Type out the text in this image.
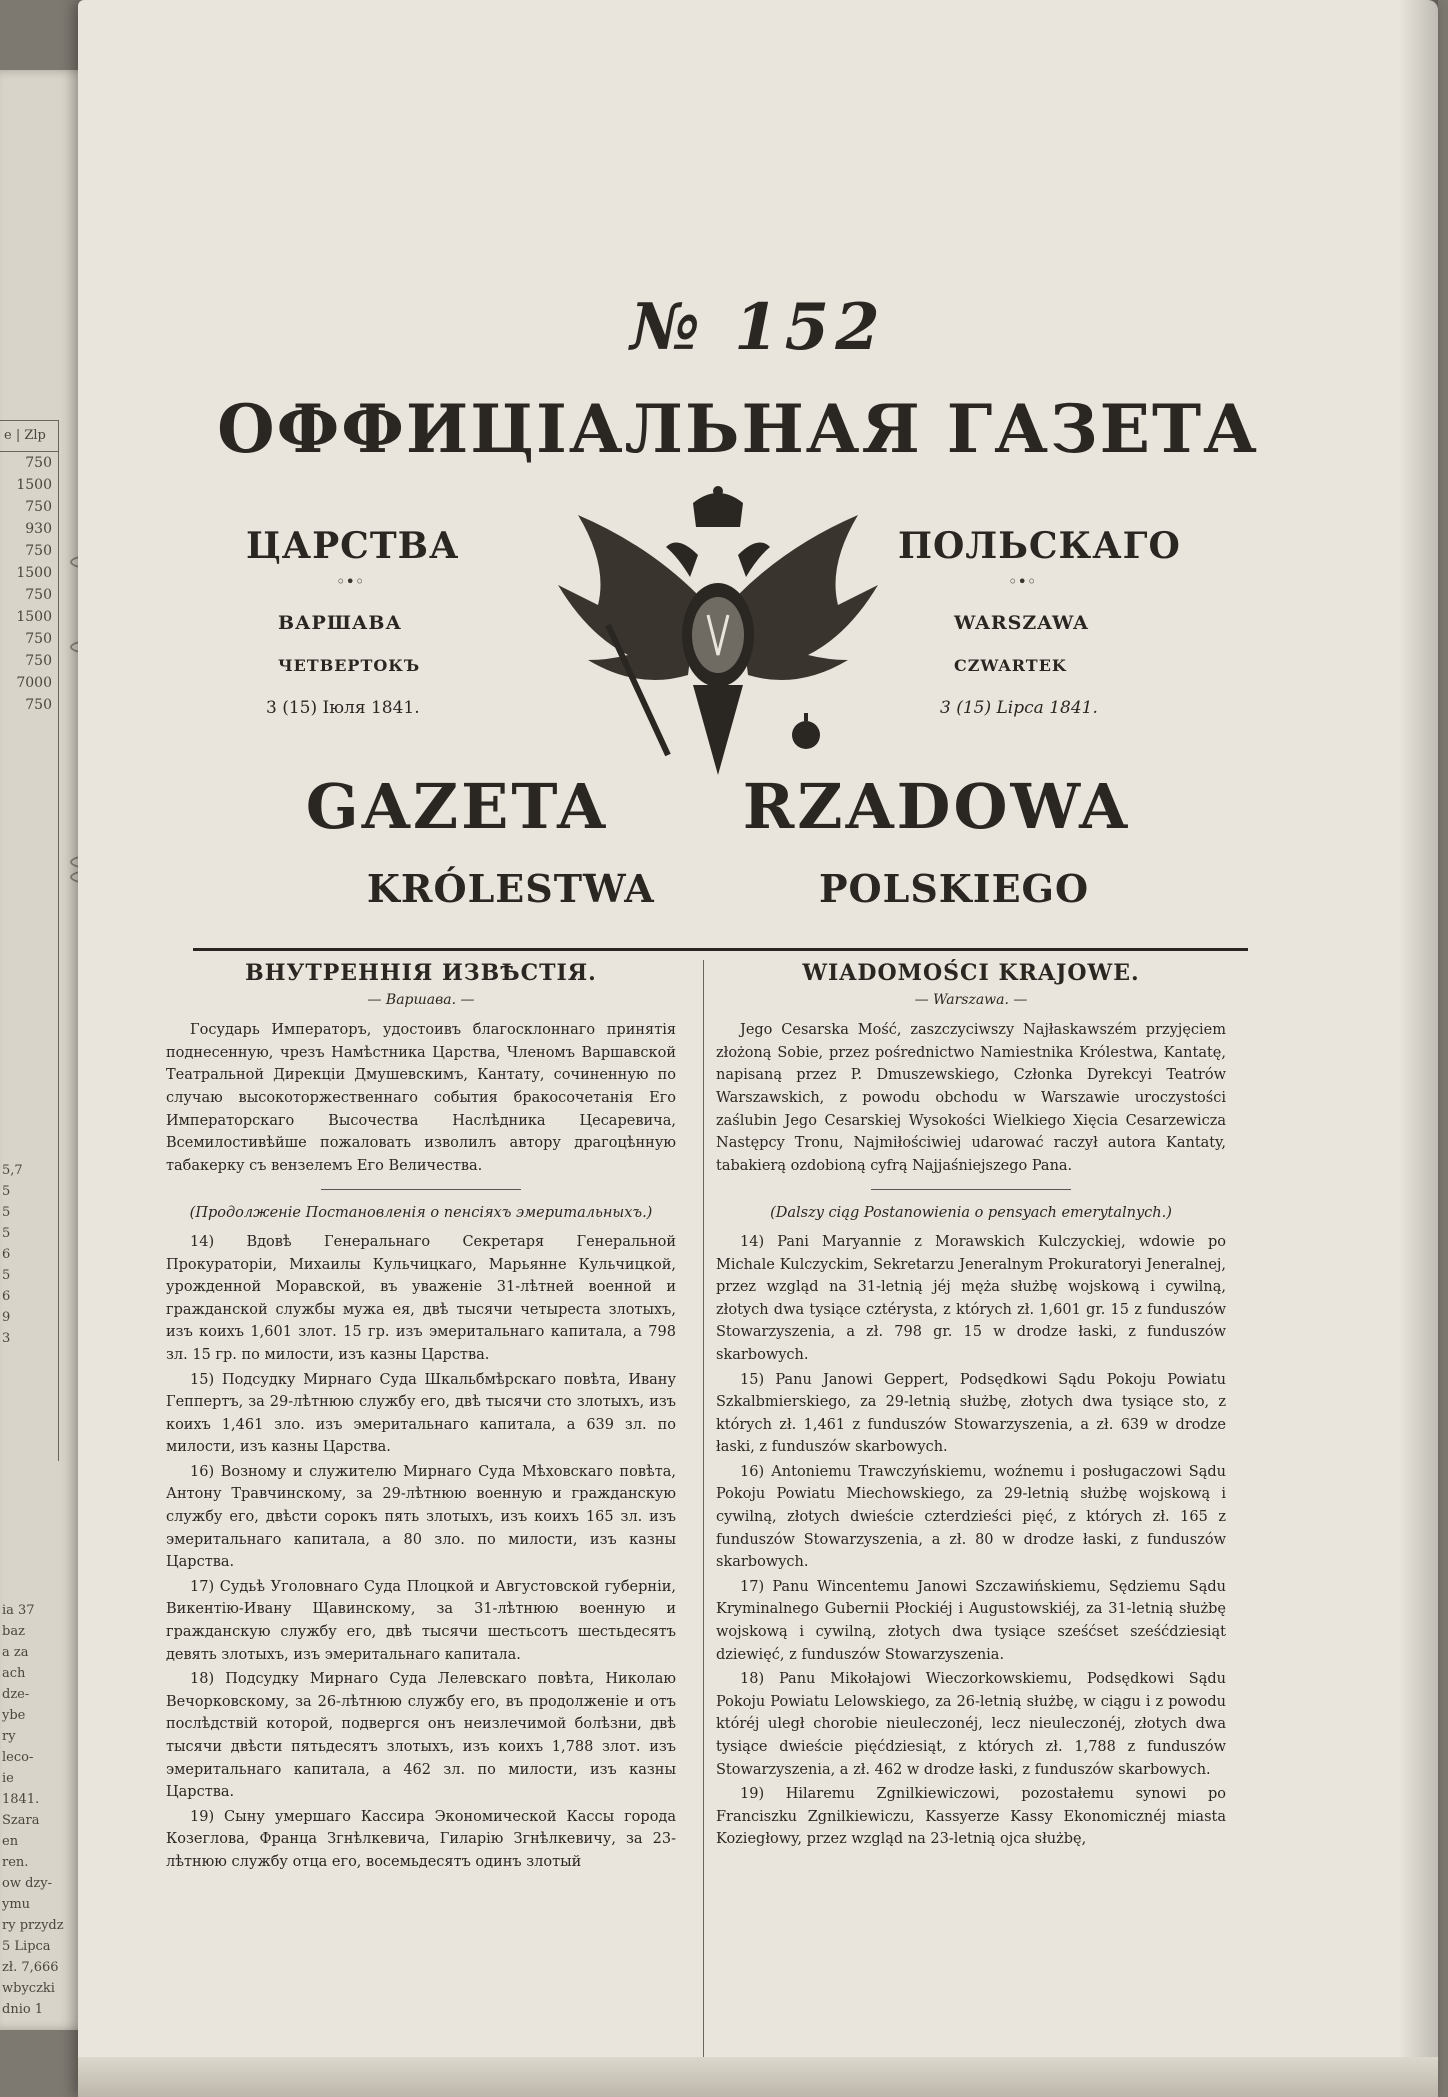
e | Zlp
750
1500
750
930
750
1500
750
1500
750
750
7000
750
5,7
5
5
5
6
5
6
9
3
ia 37
baz
a za
ach
dze-
ybe
ry
leco-
ie
1841.
Szara
en
ren.
ow dzy-
ymu
ry przydz
5 Lipca
zł. 7,666
wbyczki
dnio 1
№ 152
ОФФИЦIАЛЬНАЯ ГАЗЕТА
ЦАРСТВА
◦•◦
ВАРШАВА
ЧЕТВЕРТОКЪ
3 (15) Іюля 1841.
ПОЛЬСКАГО
◦•◦
WARSZAWA
CZWARTEK
3 (15) Lipca 1841.
GAZETA RZADOWA
KRÓLESTWA POLSKIEGO

ВНУТРЕННІЯ ИЗВѢСТІЯ.

— Варшава. —

Государь Императоръ, удостоивъ благосклоннаго принятія поднесенную, чрезъ Намѣстника Царства, Членомъ Варшавской Театральной Дирекціи Дмушевскимъ, Кантату, сочиненную по случаю высокоторжественнаго события бракосочетанія Его Императорскаго Высочества Наслѣдника Цесаревича, Всемилостивѣйше пожаловать изволилъ автору драгоцѣнную табакерку съ вензелемъ Его Величества.

(Продолженіе Постановленія о пенсіяхъ эмеритальныхъ.)

14) Вдовѣ Генеральнаго Секретаря Генеральной Прокураторіи, Михаилы Кульчицкаго, Марьянне Кульчицкой, урожденной Моравской, въ уваженіе 31-лѣтней военной и гражданской службы мужа ея, двѣ тысячи четыреста злотыхъ, изъ коихъ 1,601 злот. 15 гр. изъ эмеритальнаго капитала, а 798 зл. 15 гр. по милости, изъ казны Царства.

15) Подсудку Мирнаго Суда Шкальбмѣрскаго повѣта, Ивану Геппертъ, за 29-лѣтнюю службу его, двѣ тысячи сто злотыхъ, изъ коихъ 1,461 зло. изъ эмеритальнаго капитала, а 639 зл. по милости, изъ казны Царства.

16) Возному и служителю Мирнаго Суда Мѣховскаго повѣта, Антону Травчинскому, за 29-лѣтнюю военную и гражданскую службу его, двѣсти сорокъ пять злотыхъ, изъ коихъ 165 зл. изъ эмеритальнаго капитала, а 80 зло. по милости, изъ казны Царства.

17) Судьѣ Уголовнаго Суда Плоцкой и Августовской губерніи, Викентію-Ивану Щавинскому, за 31-лѣтнюю военную и гражданскую службу его, двѣ тысячи шестьсотъ шестьдесятъ девять злотыхъ, изъ эмеритальнаго капитала.

18) Подсудку Мирнаго Суда Лелевскаго повѣта, Николаю Вечорковскому, за 26-лѣтнюю службу его, въ продолженіе и отъ послѣдствій которой, подвергся онъ неизлечимой болѣзни, двѣ тысячи двѣсти пятьдесятъ злотыхъ, изъ коихъ 1,788 злот. изъ эмеритальнаго капитала, а 462 зл. по милости, изъ казны Царства.

19) Сыну умершаго Кассира Экономической Кассы города Козеглова, Франца Згнѣлкевича, Гиларію Згнѣлкевичу, за 23-лѣтнюю службу отца его, восемьдесятъ одинъ злотый

WIADOMOŚCI KRAJOWE.

— Warszawa. —

Jego Cesarska Mość, zaszczyciwszy Najłaskawszém przyjęciem złożoną Sobie, przez pośrednictwo Namiestnika Królestwa, Kantatę, napisaną przez P. Dmuszewskiego, Członka Dyrekcyi Teatrów Warszawskich, z powodu obchodu w Warszawie uroczystości zaślubin Jego Cesarskiej Wysokości Wielkiego Xięcia Cesarzewicza Następcy Tronu, Najmiłościwiej udarować raczył autora Kantaty, tabakierą ozdobioną cyfrą Najjaśniejszego Pana.

(Dalszy ciąg Postanowienia o pensyach emerytalnych.)

14) Pani Maryannie z Morawskich Kulczyckiej, wdowie po Michale Kulczyckim, Sekretarzu Jeneralnym Prokuratoryi Jeneralnej, przez wzgląd na 31-letnią jéj męża służbę wojskową i cywilną, złotych dwa tysiące cztérysta, z których zł. 1,601 gr. 15 z funduszów Stowarzyszenia, a zł. 798 gr. 15 w drodze łaski, z funduszów skarbowych.

15) Panu Janowi Geppert, Podsędkowi Sądu Pokoju Powiatu Szkalbmierskiego, za 29-letnią służbę, złotych dwa tysiące sto, z których zł. 1,461 z funduszów Stowarzyszenia, a zł. 639 w drodze łaski, z funduszów skarbowych.

16) Antoniemu Trawczyńskiemu, woźnemu i posługaczowi Sądu Pokoju Powiatu Miechowskiego, za 29-letnią służbę wojskową i cywilną, złotych dwieście czterdzieści pięć, z których zł. 165 z funduszów Stowarzyszenia, a zł. 80 w drodze łaski, z funduszów skarbowych.

17) Panu Wincentemu Janowi Szczawińskiemu, Sędziemu Sądu Kryminalnego Gubernii Płockiéj i Augustowskiéj, za 31-letnią służbę wojskową i cywilną, złotych dwa tysiące sześćset sześćdziesiąt dziewięć, z funduszów Stowarzyszenia.

18) Panu Mikołajowi Wieczorkowskiemu, Podsędkowi Sądu Pokoju Powiatu Lelowskiego, za 26-letnią służbę, w ciągu i z powodu któréj uległ chorobie nieuleczonéj, lecz nieuleczonéj, złotych dwa tysiące dwieście pięćdziesiąt, z których zł. 1,788 z funduszów Stowarzyszenia, a zł. 462 w drodze łaski, z funduszów skarbowych.

19) Hilaremu Zgnilkiewiczowi, pozostałemu synowi po Franciszku Zgnilkiewiczu, Kassyerze Kassy Ekonomicznéj miasta Koziegłowy, przez wzgląd na 23-letnią ojca służbę,
